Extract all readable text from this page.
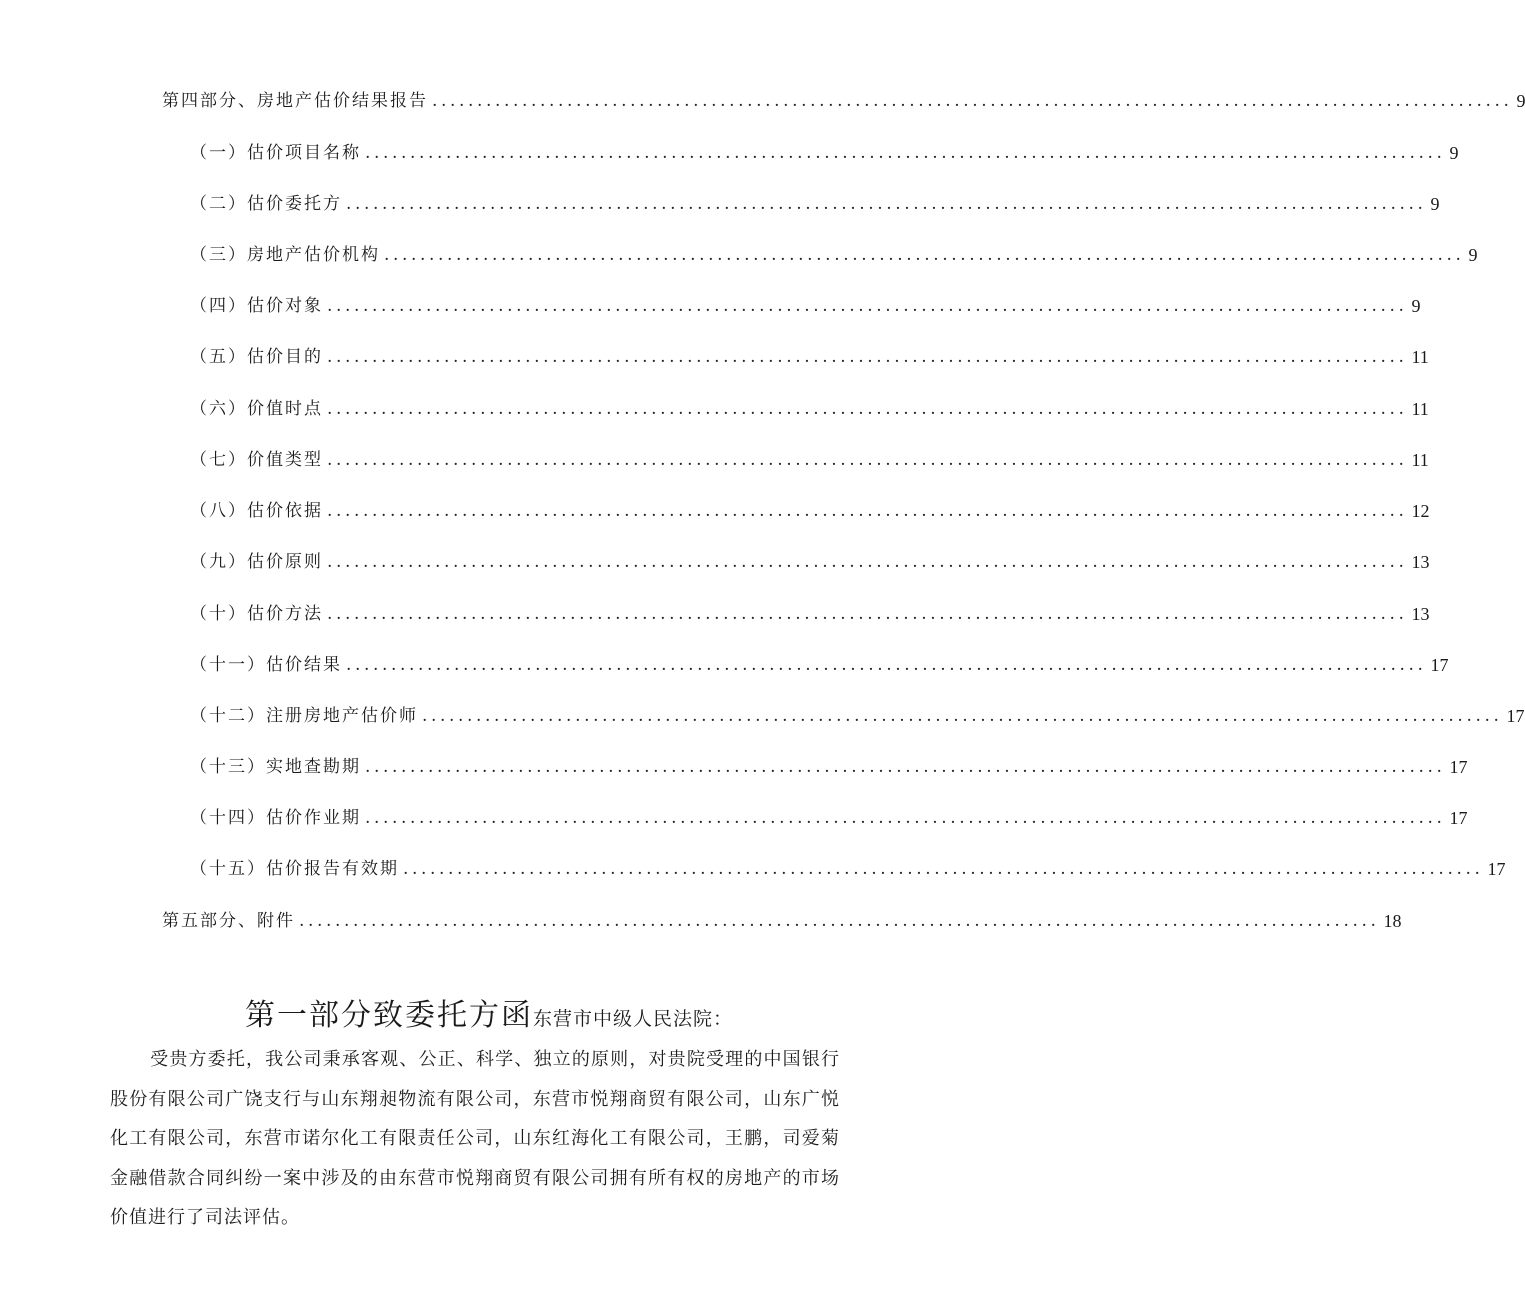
第四部分、房地产估价结果报告 ........................................................................................................................ 9
（一）估价项目名称 ........................................................................................................................ 9
（二）估价委托方 ........................................................................................................................ 9
（三）房地产估价机构 ........................................................................................................................ 9
（四）估价对象 ........................................................................................................................ 9
（五）估价目的 ........................................................................................................................ 11
（六）价值时点 ........................................................................................................................ 11
（七）价值类型 ........................................................................................................................ 11
（八）估价依据 ........................................................................................................................ 12
（九）估价原则 ........................................................................................................................ 13
（十）估价方法 ........................................................................................................................ 13
（十一）估价结果 ........................................................................................................................ 17
（十二）注册房地产估价师 ........................................................................................................................ 17
（十三）实地查勘期 ........................................................................................................................ 17
（十四）估价作业期 ........................................................................................................................ 17
（十五）估价报告有效期 ........................................................................................................................ 17
第五部分、附件 ........................................................................................................................ 18
第一部分致委托方函东营市中级人民法院：
受贵方委托，我公司秉承客观、公正、科学、独立的原则，对贵院受理的中国银行股份有限公司广饶支行与山东翔昶物流有限公司，东营市悦翔商贸有限公司，山东广悦化工有限公司，东营市诺尔化工有限责任公司，山东红海化工有限公司，王鹏，司爱菊金融借款合同纠纷一案中涉及的由东营市悦翔商贸有限公司拥有所有权的房地产的市场价值进行了司法评估。
